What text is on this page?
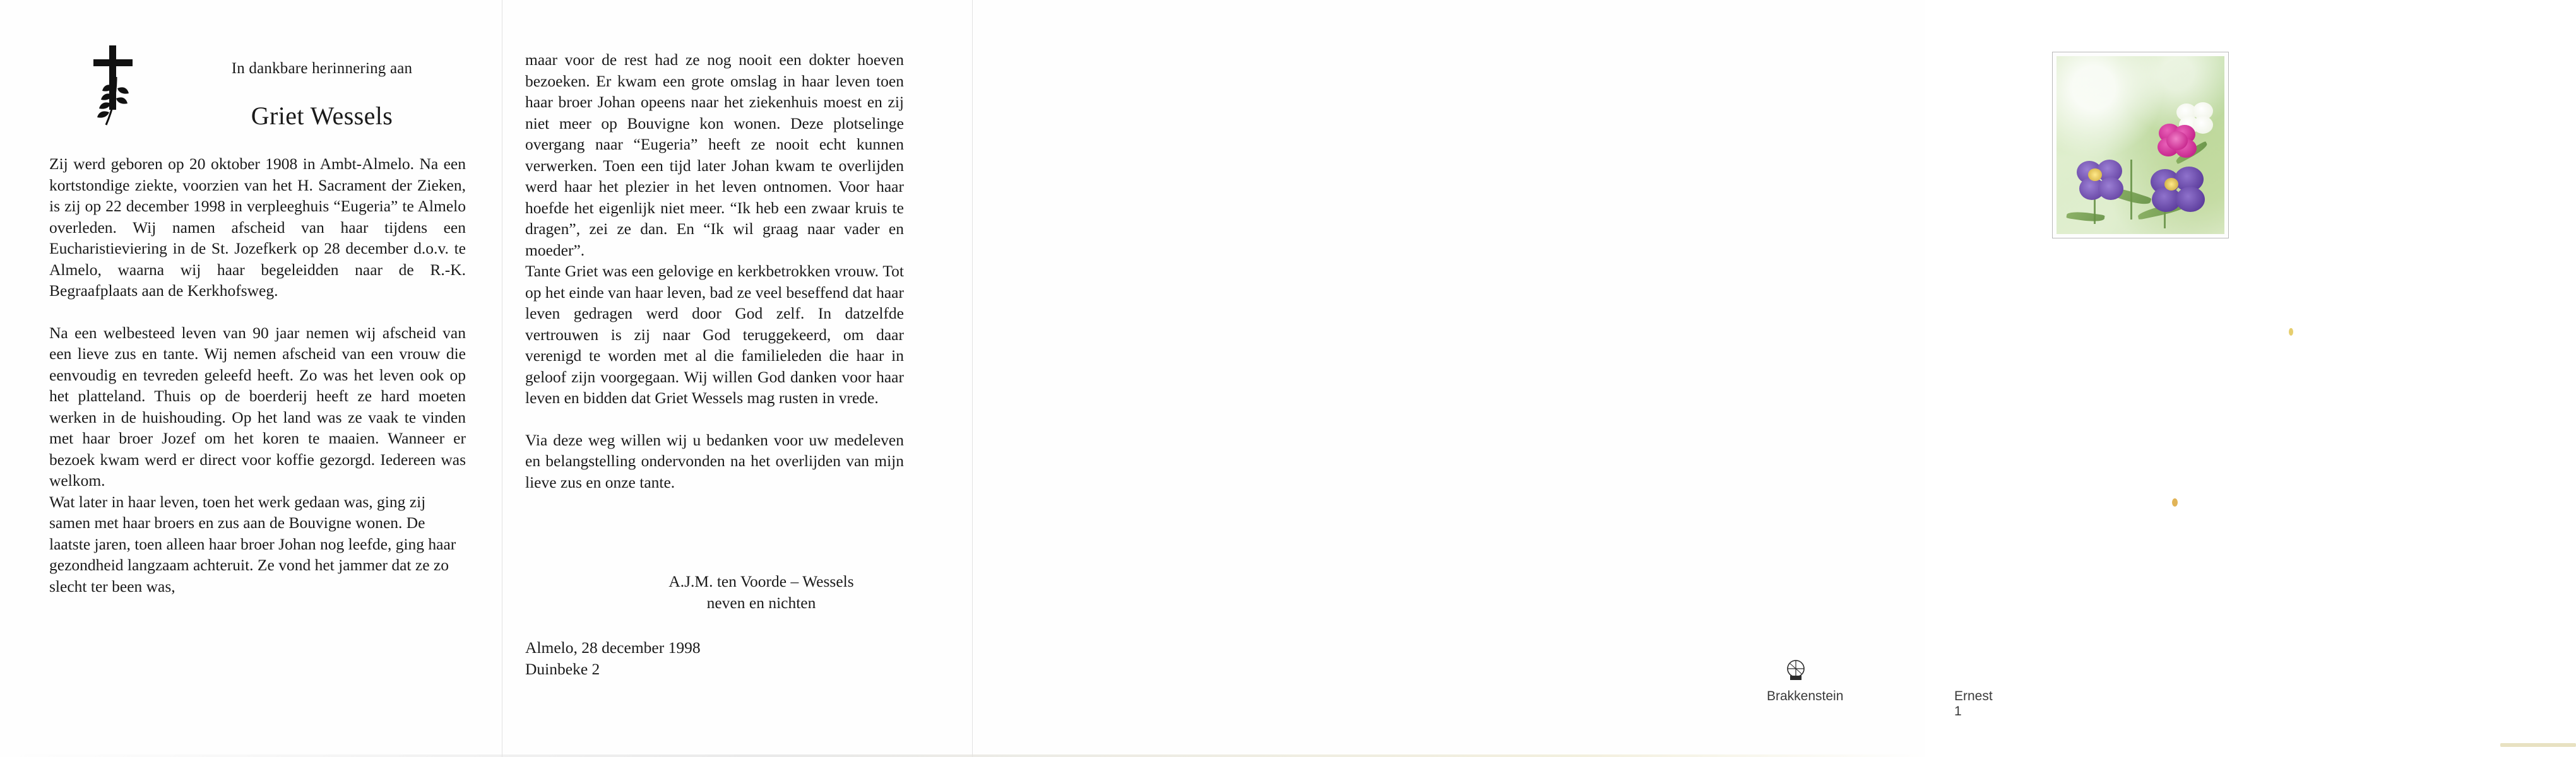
In dankbare herinnering aan
Griet Wessels

Zij werd geboren op 20 oktober 1908 in Ambt-Almelo. Na een kortstondige ziekte, voorzien van het H. Sacrament der Zieken, is zij op 22 december 1998 in verpleeghuis “Eugeria” te Almelo overleden. Wij namen afscheid van haar tijdens een Eucharistieviering in de St. Jozefkerk op 28 december d.o.v. te Almelo, waarna wij haar begeleidden naar de R.-K. Begraafplaats aan de Kerkhofsweg.

Na een welbesteed leven van 90 jaar nemen wij afscheid van een lieve zus en tante. Wij nemen afscheid van een vrouw die eenvoudig en tevreden geleefd heeft. Zo was het leven ook op het platteland. Thuis op de boerderij heeft ze hard moeten werken in de huishouding. Op het land was ze vaak te vinden met haar broer Jozef om het koren te maaien. Wanneer er bezoek kwam werd er direct voor koffie gezorgd. Iedereen was welkom.

Wat later in haar leven, toen het werk gedaan was, ging zij samen met haar broers en zus aan de Bouvigne wonen. De laatste jaren, toen alleen haar broer Johan nog leefde, ging haar gezondheid langzaam achteruit. Ze vond het jammer dat ze zo slecht ter been was,

maar voor de rest had ze nog nooit een dokter hoeven bezoeken. Er kwam een grote omslag in haar leven toen haar broer Johan opeens naar het ziekenhuis moest en zij niet meer op Bouvigne kon wonen. Deze plotselinge overgang naar “Eugeria” heeft ze nooit echt kunnen verwerken. Toen een tijd later Johan kwam te overlijden werd haar het plezier in het leven ontnomen. Voor haar hoefde het eigenlijk niet meer. “Ik heb een zwaar kruis te dragen”, zei ze dan. En “Ik wil graag naar vader en moeder”.

Tante Griet was een gelovige en kerkbetrokken vrouw. Tot op het einde van haar leven, bad ze veel beseffend dat haar leven gedragen werd door God zelf. In datzelfde vertrouwen is zij naar God teruggekeerd, om daar verenigd te worden met al die familieleden die haar in geloof zijn voorgegaan. Wij willen God danken voor haar leven en bidden dat Griet Wessels mag rusten in vrede.

Via deze weg willen wij u bedanken voor uw medeleven en belangstelling ondervonden na het overlijden van mijn lieve zus en onze tante.

A.J.M. ten Voorde – Wessels
neven en nichten
Almelo, 28 december 1998
Duinbeke 2
Brakkenstein	Ernest 1
